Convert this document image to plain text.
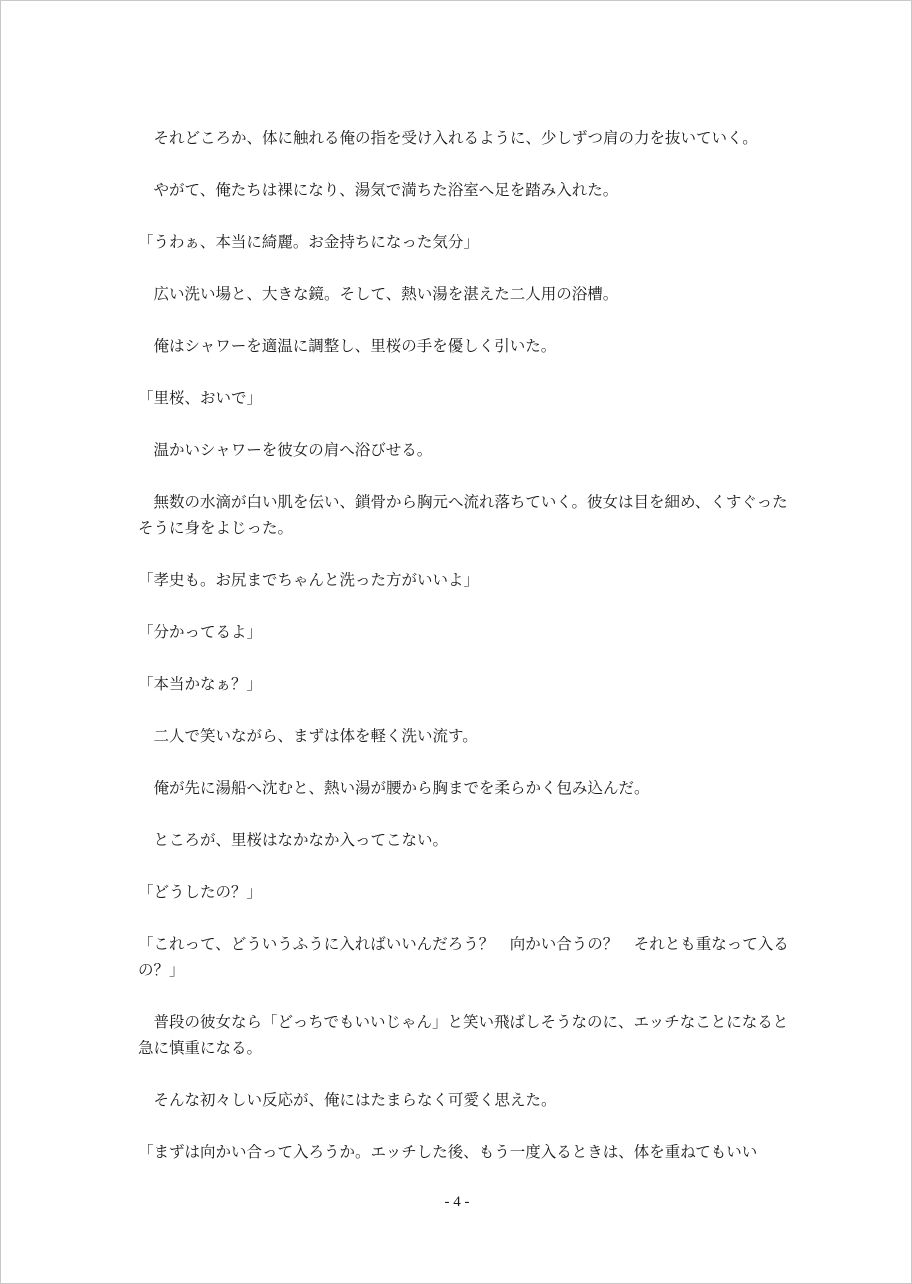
それどころか、体に触れる俺の指を受け入れるように、少しずつ肩の力を抜いていく。

やがて、俺たちは裸になり、湯気で満ちた浴室へ足を踏み入れた。

「うわぁ、本当に綺麗。お金持ちになった気分」

広い洗い場と、大きな鏡。そして、熱い湯を湛えた二人用の浴槽。

俺はシャワーを適温に調整し、里桜の手を優しく引いた。

「里桜、おいで」

温かいシャワーを彼女の肩へ浴びせる。

無数の水滴が白い肌を伝い、鎖骨から胸元へ流れ落ちていく。彼女は目を細め、くすぐったそうに身をよじった。

「孝史も。お尻までちゃんと洗った方がいいよ」

「分かってるよ」

「本当かなぁ？」

二人で笑いながら、まずは体を軽く洗い流す。

俺が先に湯船へ沈むと、熱い湯が腰から胸までを柔らかく包み込んだ。

ところが、里桜はなかなか入ってこない。

「どうしたの？」

「これって、どういうふうに入ればいいんだろう？　向かい合うの？　それとも重なって入るの？」

普段の彼女なら「どっちでもいいじゃん」と笑い飛ばしそうなのに、エッチなことになると急に慎重になる。

そんな初々しい反応が、俺にはたまらなく可愛く思えた。

「まずは向かい合って入ろうか。エッチした後、もう一度入るときは、体を重ねてもいい

- 4 -
